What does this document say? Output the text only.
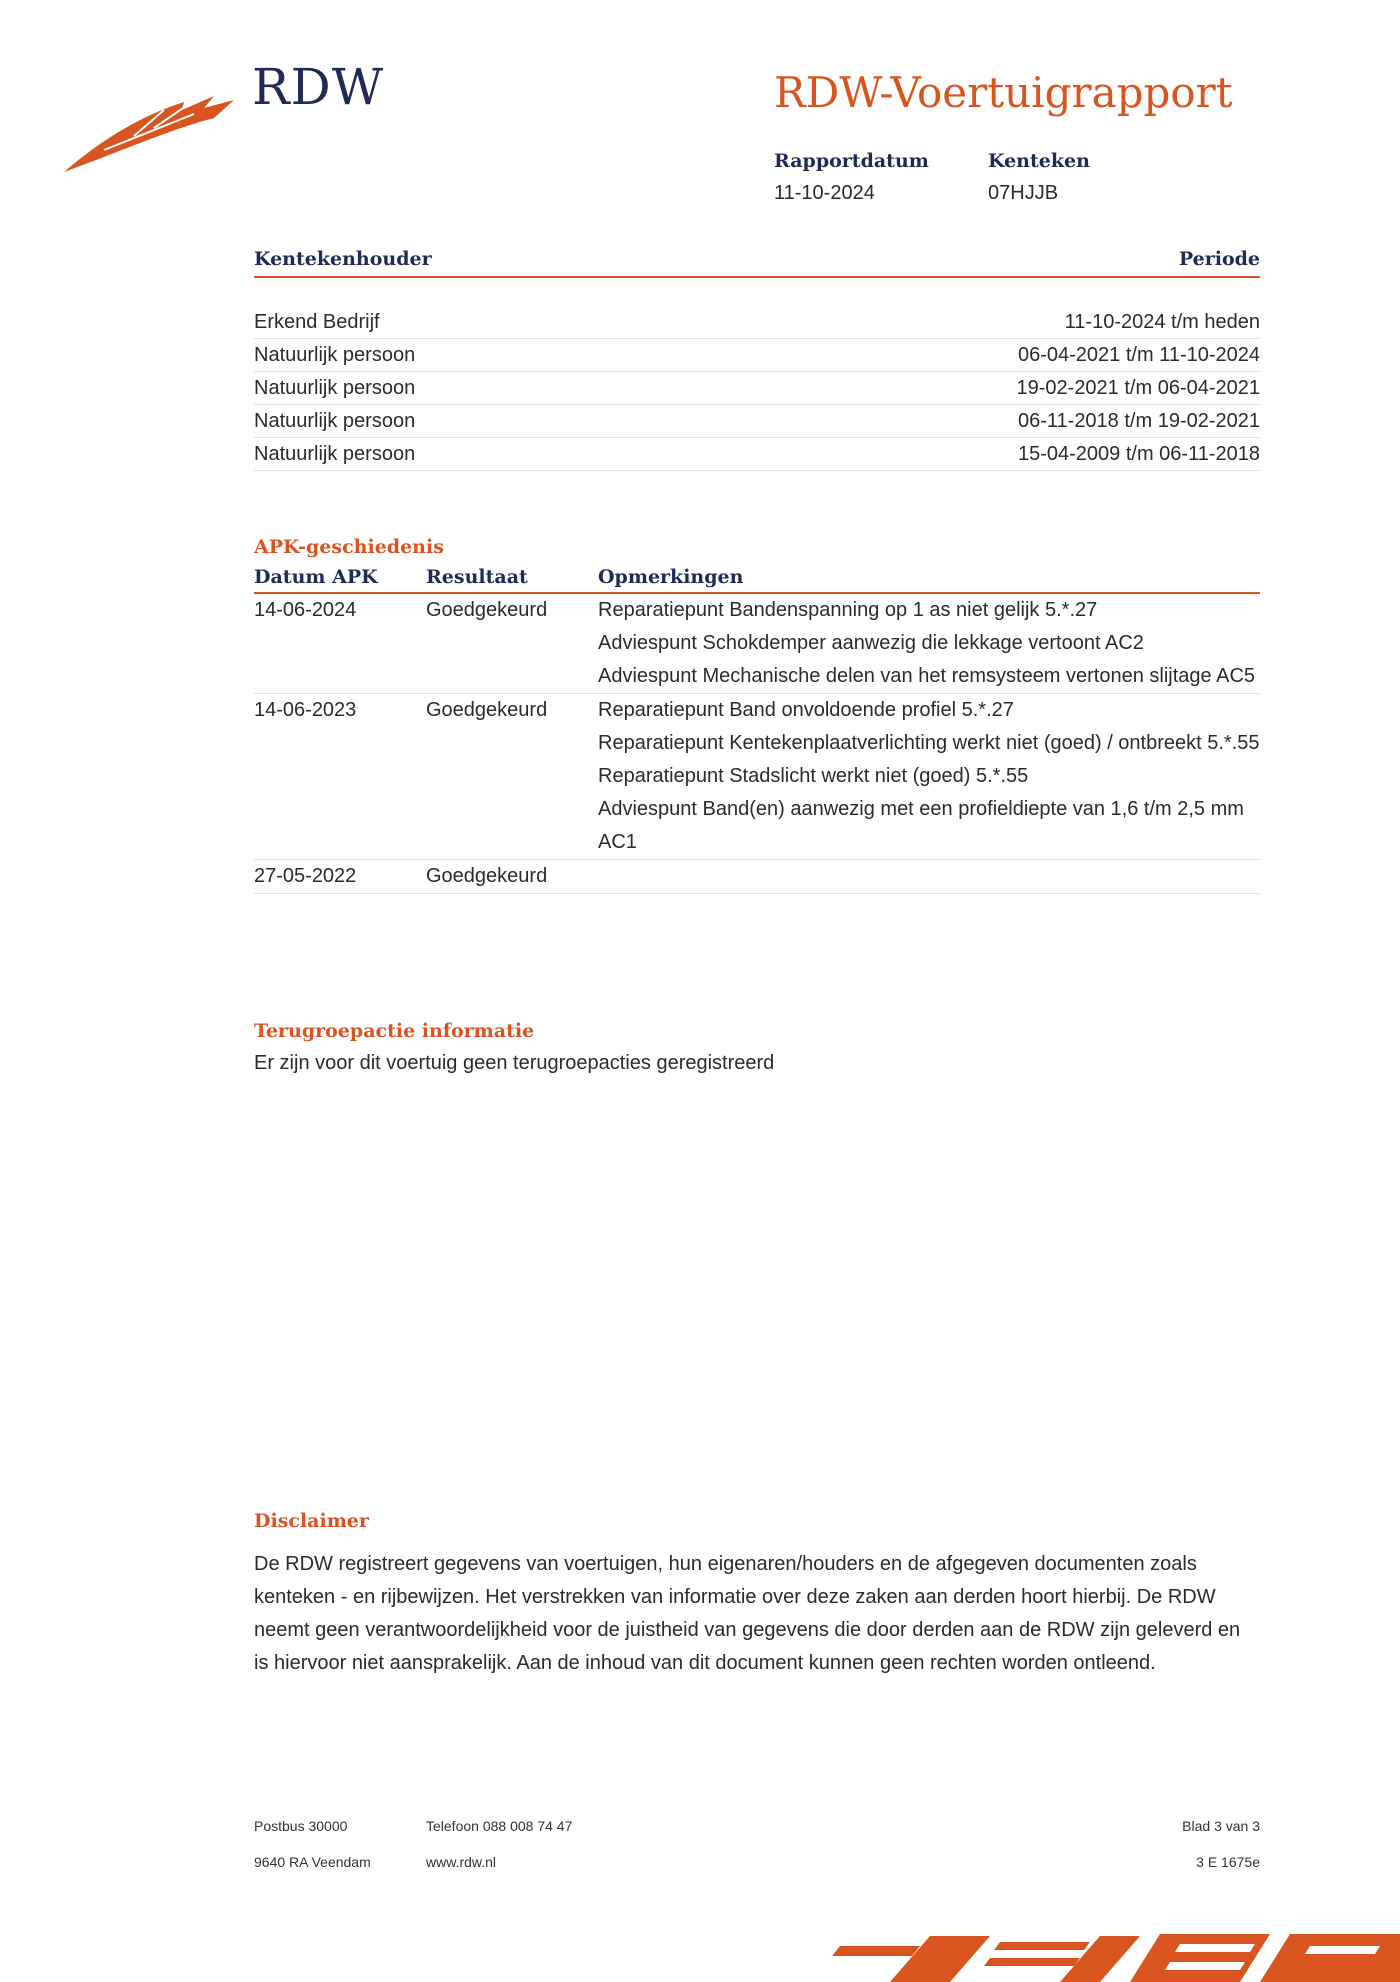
RDW	RDW-Voertuigrapport
Rapportdatum
11-10-2024
Kenteken
07HJJB
Kentekenhouder	Periode
Erkend Bedrijf	11-10-2024 t/m heden
Natuurlijk persoon	06-04-2021 t/m 11-10-2024
Natuurlijk persoon	19-02-2021 t/m 06-04-2021
Natuurlijk persoon	06-11-2018 t/m 19-02-2021
Natuurlijk persoon	15-04-2009 t/m 06-11-2018
APK-geschiedenis
Datum APK	Resultaat	Opmerkingen
14-06-2024	Goedgekeurd	Reparatiepunt Bandenspanning op 1 as niet gelijk 5.*.27
Adviespunt Schokdemper aanwezig die lekkage vertoont AC2
Adviespunt Mechanische delen van het remsysteem vertonen slijtage AC5
14-06-2023	Goedgekeurd	Reparatiepunt Band onvoldoende profiel 5.*.27
Reparatiepunt Kentekenplaatverlichting werkt niet (goed) / ontbreekt 5.*.55
Reparatiepunt Stadslicht werkt niet (goed) 5.*.55
Adviespunt Band(en) aanwezig met een profieldiepte van 1,6 t/m 2,5 mm AC1
27-05-2022	Goedgekeurd
Terugroepactie informatie
Er zijn voor dit voertuig geen terugroepacties geregistreerd
Disclaimer
De RDW registreert gegevens van voertuigen, hun eigenaren/houders en de afgegeven documenten zoals kenteken - en rijbewijzen. Het verstrekken van informatie over deze zaken aan derden hoort hierbij. De RDW neemt geen verantwoordelijkheid voor de juistheid van gegevens die door derden aan de RDW zijn geleverd en is hiervoor niet aansprakelijk. Aan de inhoud van dit document kunnen geen rechten worden ontleend.
Postbus 30000
9640 RA Veendam
Telefoon 088 008 74 47
www.rdw.nl
Blad 3 van 3
3 E 1675e
